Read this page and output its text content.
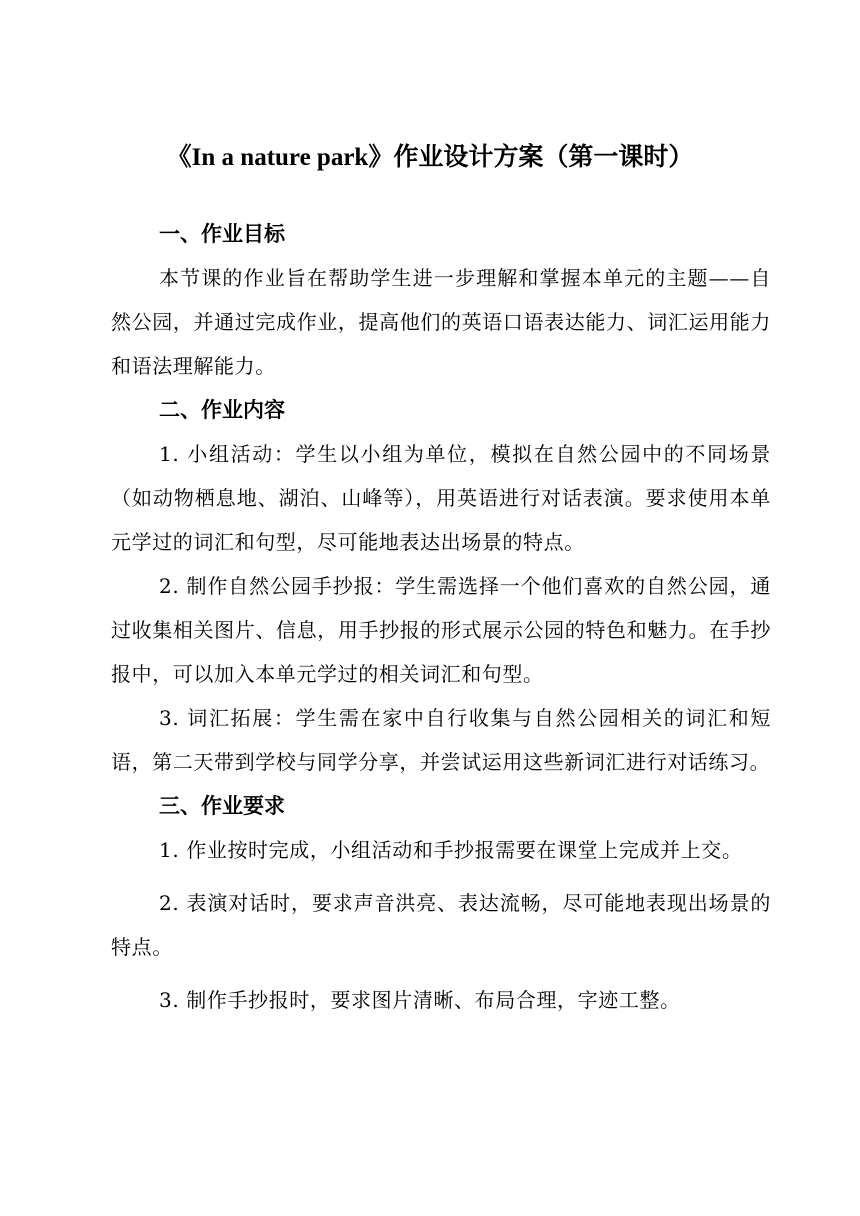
《In a nature park》作业设计方案（第一课时）

一、作业目标

本节课的作业旨在帮助学生进一步理解和掌握本单元的主题——自然公园，并通过完成作业，提高他们的英语口语表达能力、词汇运用能力和语法理解能力。

二、作业内容

1. 小组活动：学生以小组为单位，模拟在自然公园中的不同场景（如动物栖息地、湖泊、山峰等），用英语进行对话表演。要求使用本单元学过的词汇和句型，尽可能地表达出场景的特点。

2. 制作自然公园手抄报：学生需选择一个他们喜欢的自然公园，通过收集相关图片、信息，用手抄报的形式展示公园的特色和魅力。在手抄报中，可以加入本单元学过的相关词汇和句型。

3. 词汇拓展：学生需在家中自行收集与自然公园相关的词汇和短语，第二天带到学校与同学分享，并尝试运用这些新词汇进行对话练习。

三、作业要求

1. 作业按时完成，小组活动和手抄报需要在课堂上完成并上交。

2. 表演对话时，要求声音洪亮、表达流畅，尽可能地表现出场景的特点。

3. 制作手抄报时，要求图片清晰、布局合理，字迹工整。
